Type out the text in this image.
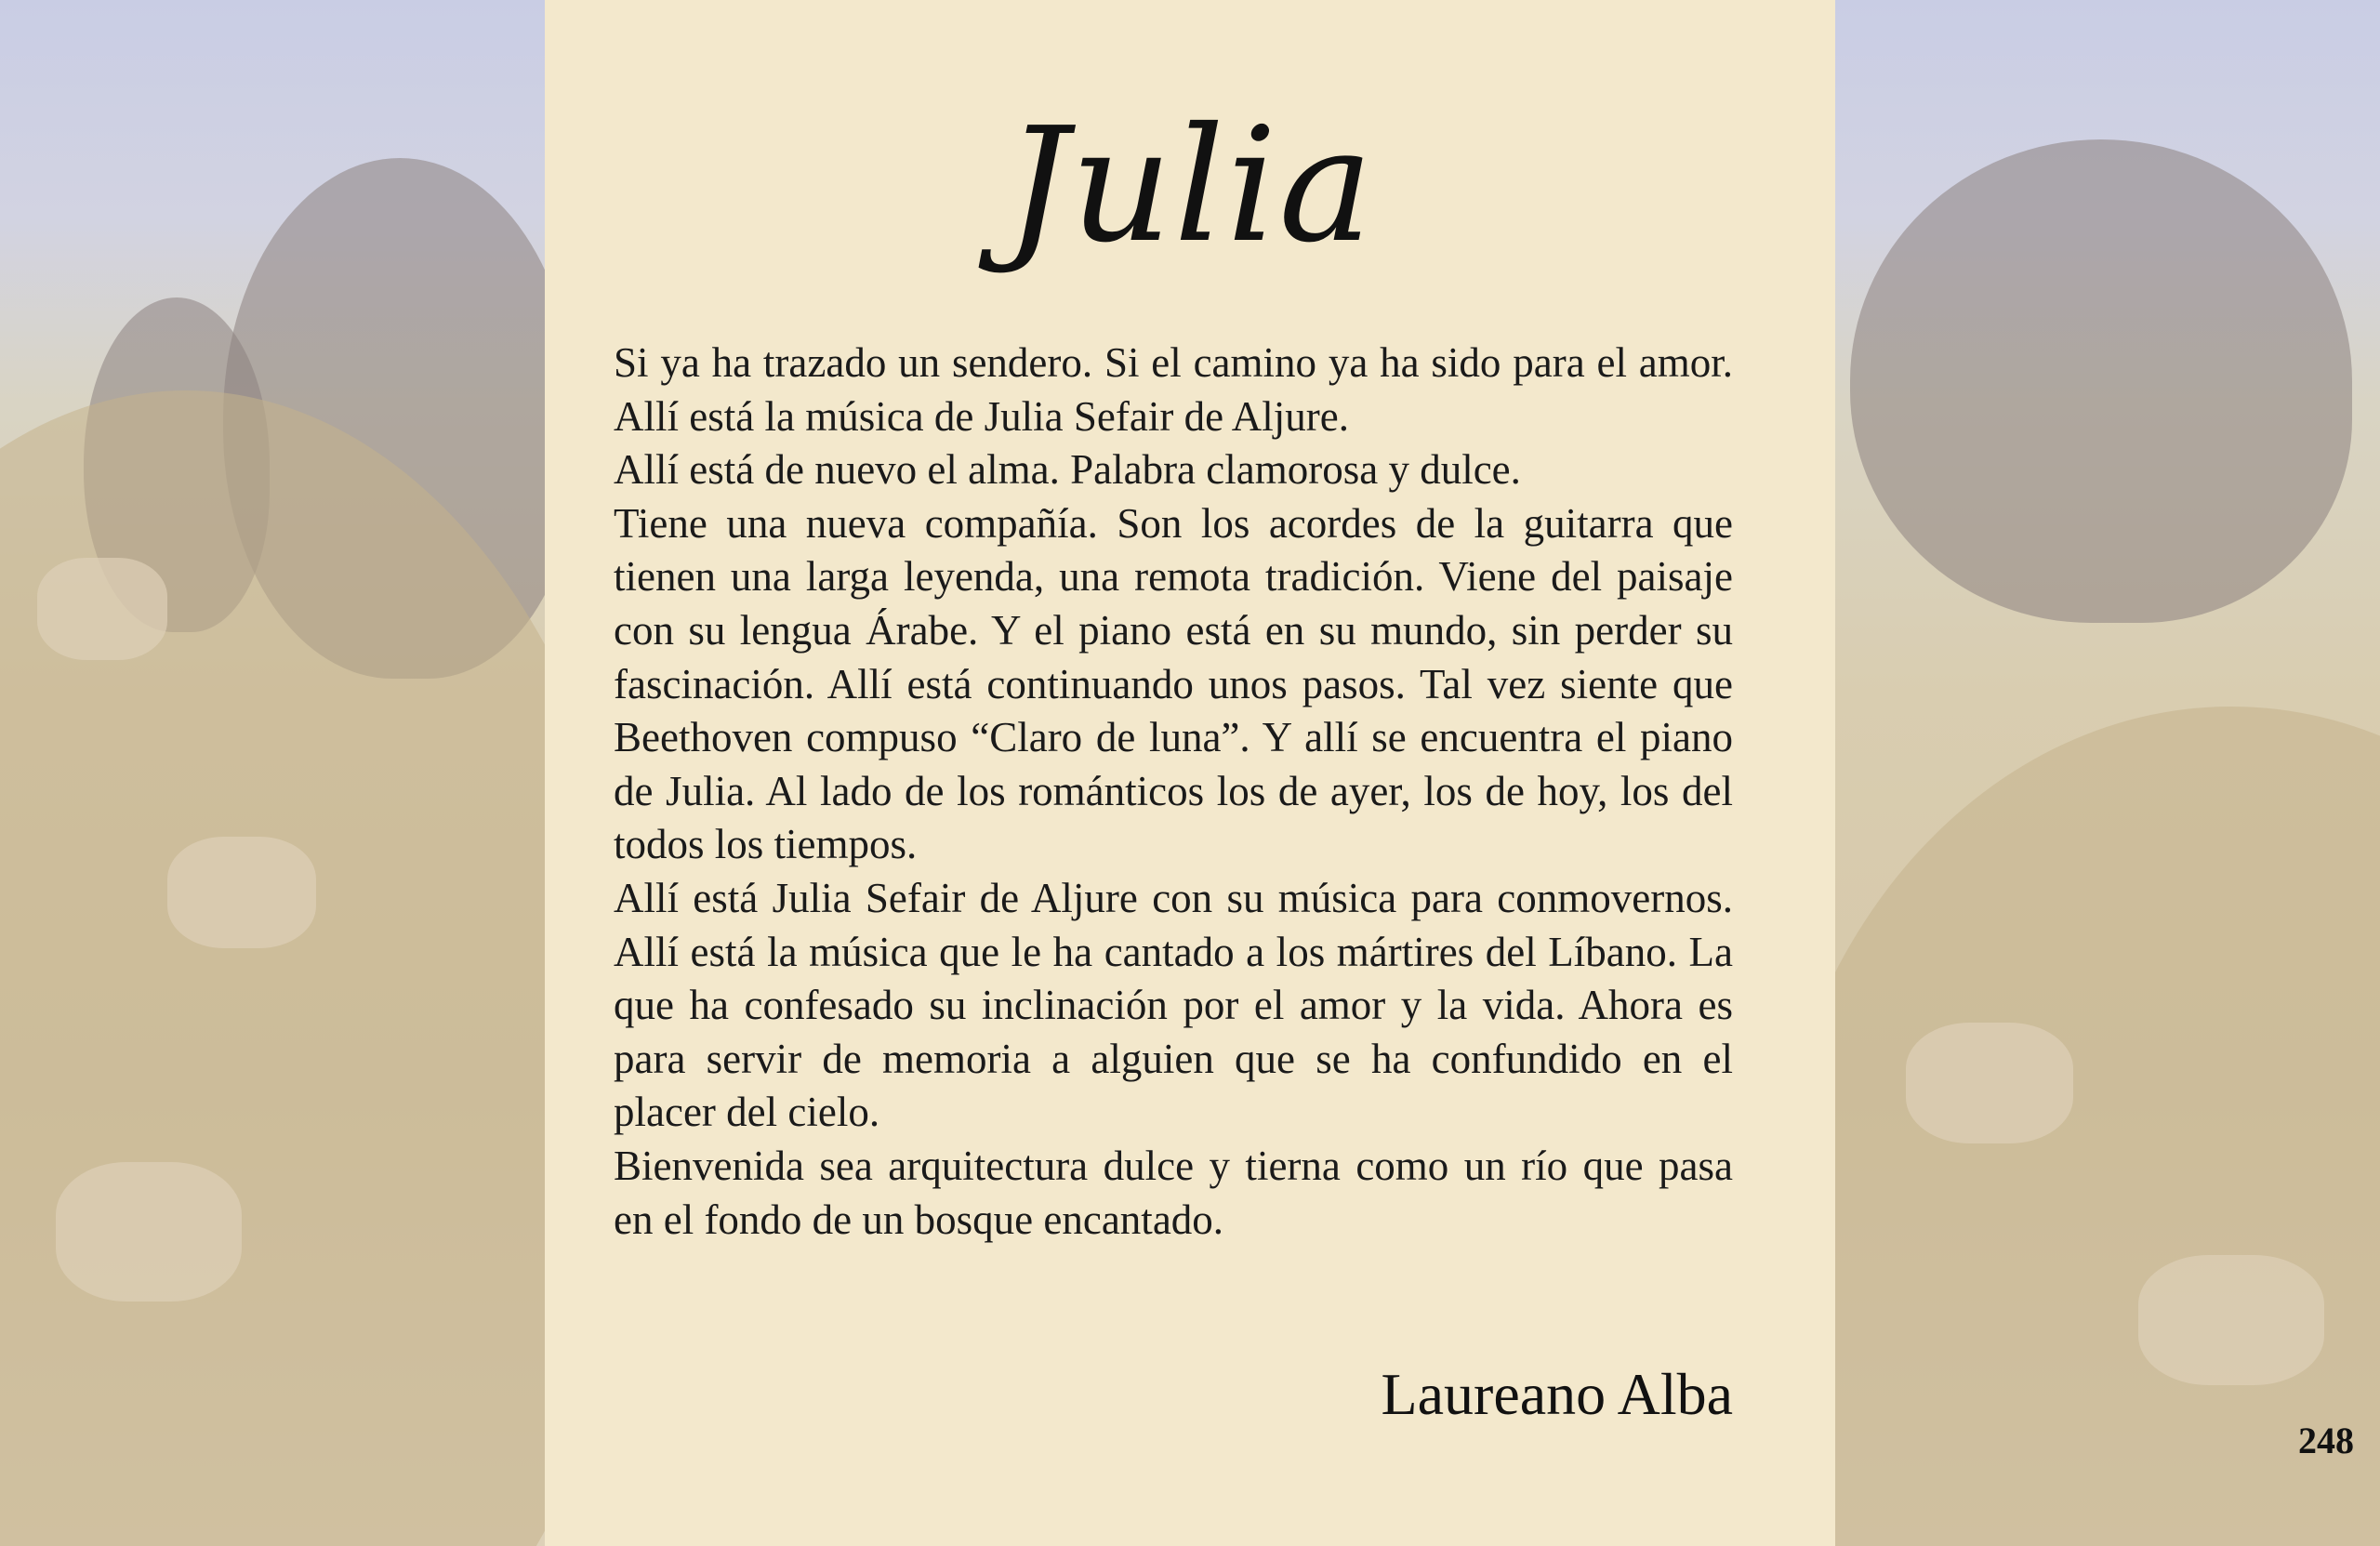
Julia

Si ya ha trazado un sendero. Si el camino ya ha sido para el amor. Allí está la música de Julia Sefair de Aljure.

Allí está de nuevo el alma. Palabra clamorosa y dulce.

Tiene una nueva compañía. Son los acordes de la guitarra que tienen una larga leyenda, una remota tradición. Viene del paisaje con su lengua Árabe. Y el piano está en su mundo, sin perder su fascinación. Allí está continuando unos pasos. Tal vez siente que Beethoven compuso “Claro de luna”. Y allí se encuentra el piano de Julia. Al lado de los románticos los de ayer, los de hoy, los del todos los tiempos.

Allí está Julia Sefair de Aljure con su música para conmovernos. Allí está la música que le ha cantado a los mártires del Líbano. La que ha confesado su inclinación por el amor y la vida. Ahora es para servir de memoria a alguien que se ha confundido en el placer del cielo.

Bienvenida sea arquitectura dulce y tierna como un río que pasa en el fondo de un bosque encantado.

Laureano Alba

248
